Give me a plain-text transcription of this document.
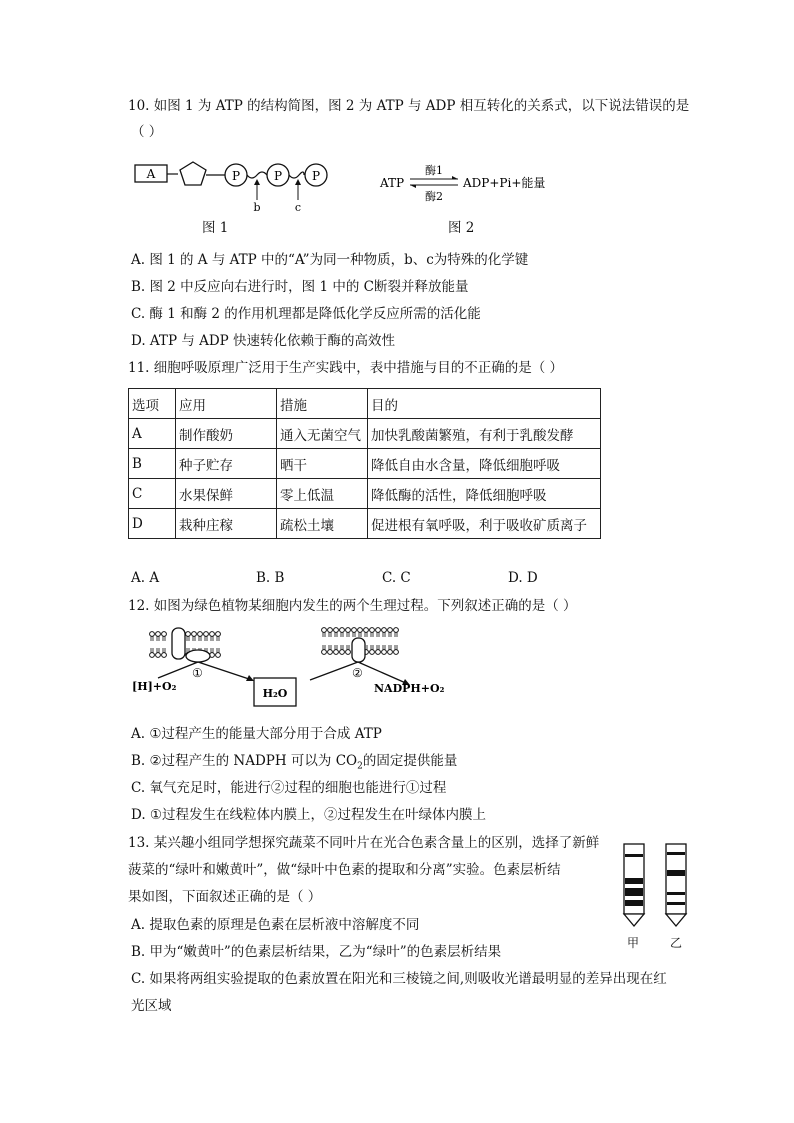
10. 如图 1 为 ATP 的结构简图，图 2 为 ATP 与 ADP 相互转化的关系式，以下说法错误的是
（ ）
A	P	P P
b	c
图 1
ATP
酶1
酶2
ADP+Pi+能量
图 2
A. 图 1 的 A 与 ATP 中的“A”为同一种物质，b、c为特殊的化学键
B. 图 2 中反应向右进行时，图 1 中的 C断裂并释放能量
C. 酶 1 和酶 2 的作用机理都是降低化学反应所需的活化能
D. ATP 与 ADP 快速转化依赖于酶的高效性
11. 细胞呼吸原理广泛用于生产实践中，表中措施与目的不正确的是（ ）
选项	应用	措施	目的
A	制作酸奶	通入无菌空气	加快乳酸菌繁殖，有利于乳酸发酵
B	种子贮存	晒干	降低自由水含量，降低细胞呼吸
C	水果保鲜	零上低温	降低酶的活性，降低细胞呼吸
D	栽种庄稼	疏松土壤	促进根有氧呼吸，利于吸收矿质离子
A. A	B. B	C. C	D. D
12. 如图为绿色植物某细胞内发生的两个生理过程。下列叙述正确的是（ ）
①	②
[H]+O₂
H₂O	NADPH+O₂
A. ①过程产生的能量大部分用于合成 ATP
B. ②过程产生的 NADPH 可以为 $CO_2$的固定提供能量
C. 氧气充足时，能进行②过程的细胞也能进行①过程
D. ①过程发生在线粒体内膜上，②过程发生在叶绿体内膜上
13. 某兴趣小组同学想探究蔬菜不同叶片在光合色素含量上的区别，选择了新鲜
菠菜的“绿叶和嫩黄叶”，做“绿叶中色素的提取和分离”实验。色素层析结
果如图，下面叙述正确的是（ ）
A. 提取色素的原理是色素在层析液中溶解度不同
B. 甲为“嫩黄叶”的色素层析结果，乙为“绿叶”的色素层析结果
C. 如果将两组实验提取的色素放置在阳光和三棱镜之间,则吸收光谱最明显的差异出现在红
光区域
甲	乙
